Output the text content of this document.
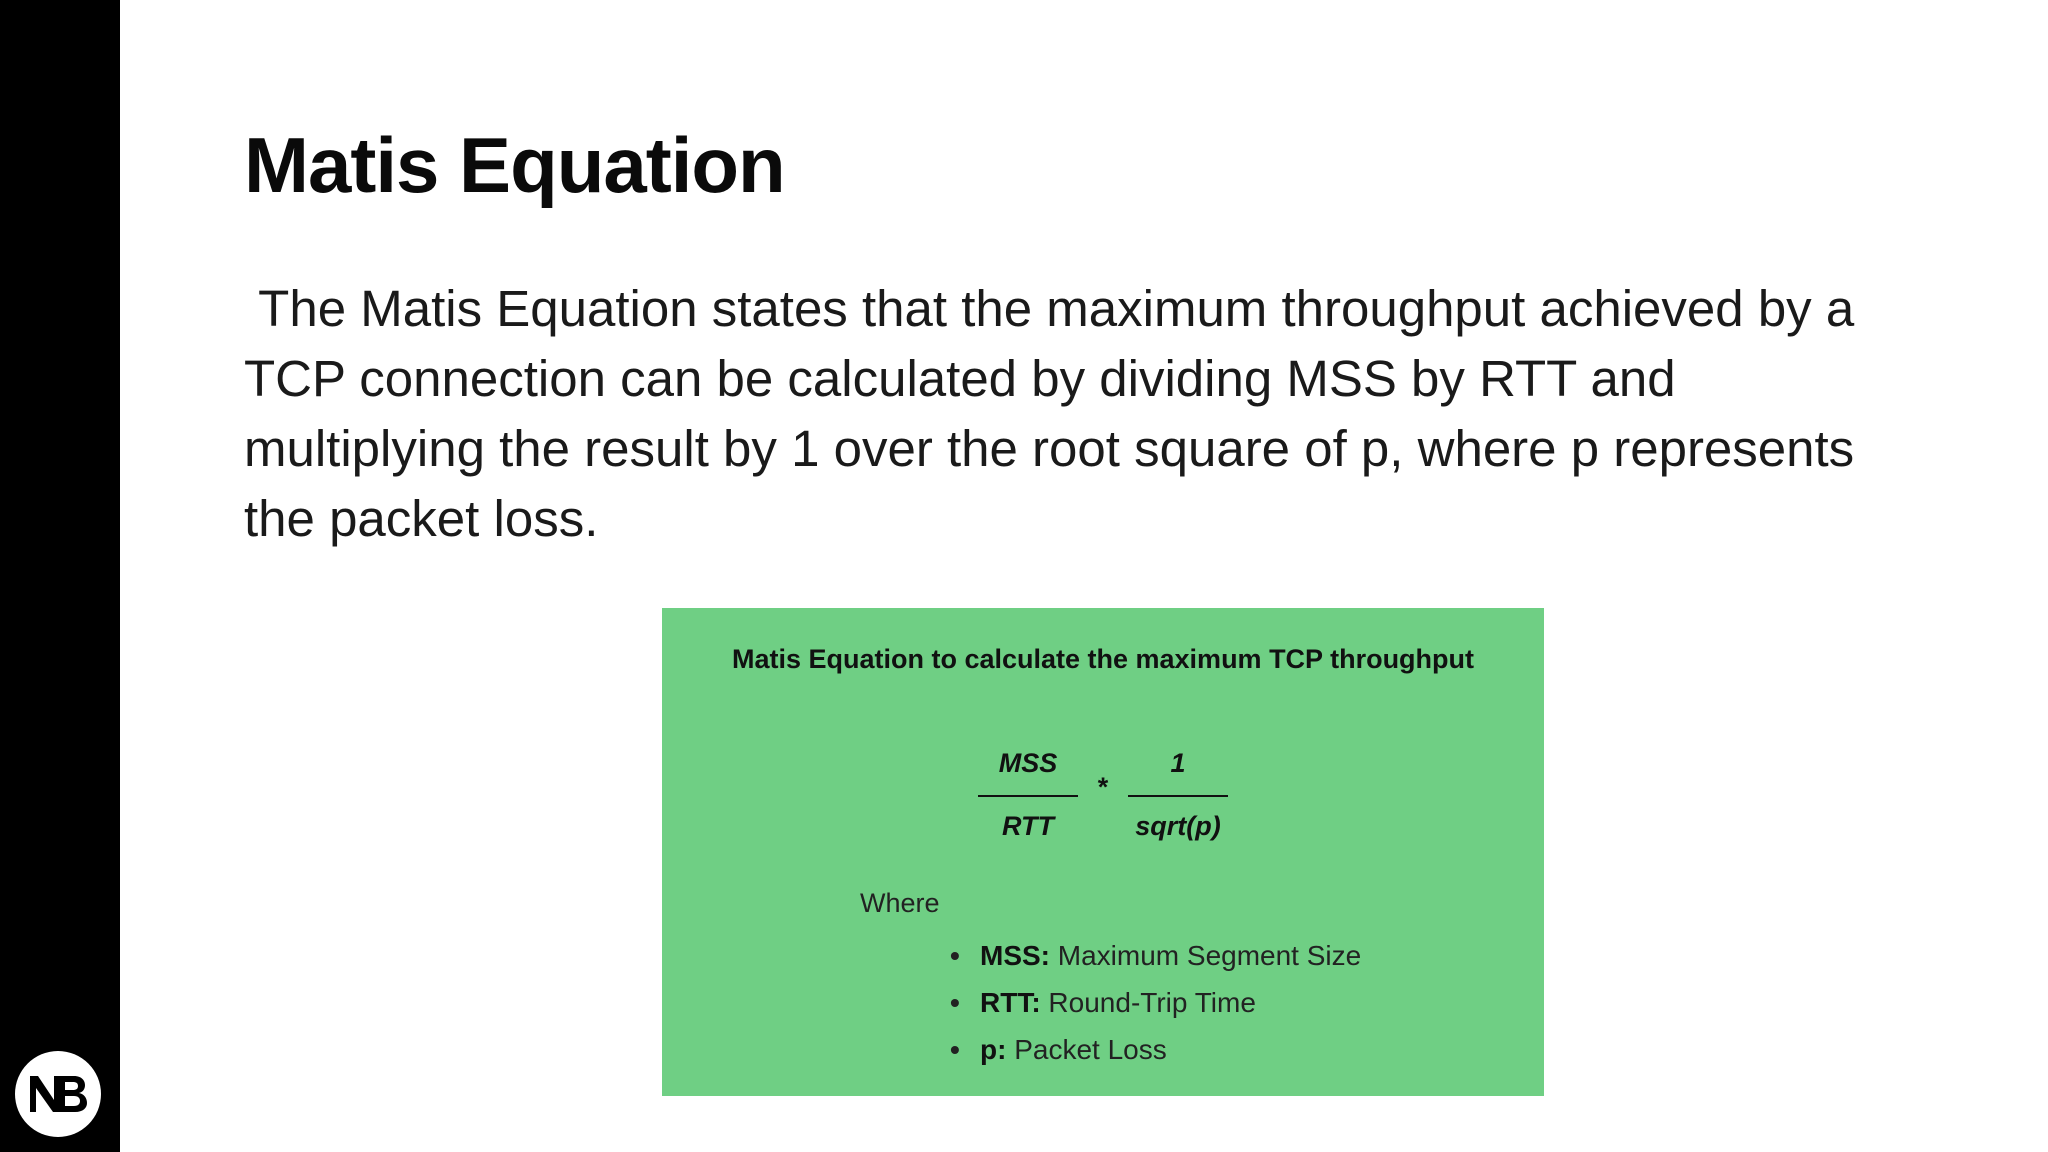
Matis Equation

The Matis Equation states that the maximum throughput achieved by a TCP connection can be calculated by dividing MSS by RTT and multiplying the result by 1 over the root square of p, where p represents the packet loss.

Matis Equation to calculate the maximum TCP throughput
MSS
RTT
*
1
sqrt(p)
Where
• MSS: Maximum Segment Size
• RTT: Round-Trip Time
• p: Packet Loss
